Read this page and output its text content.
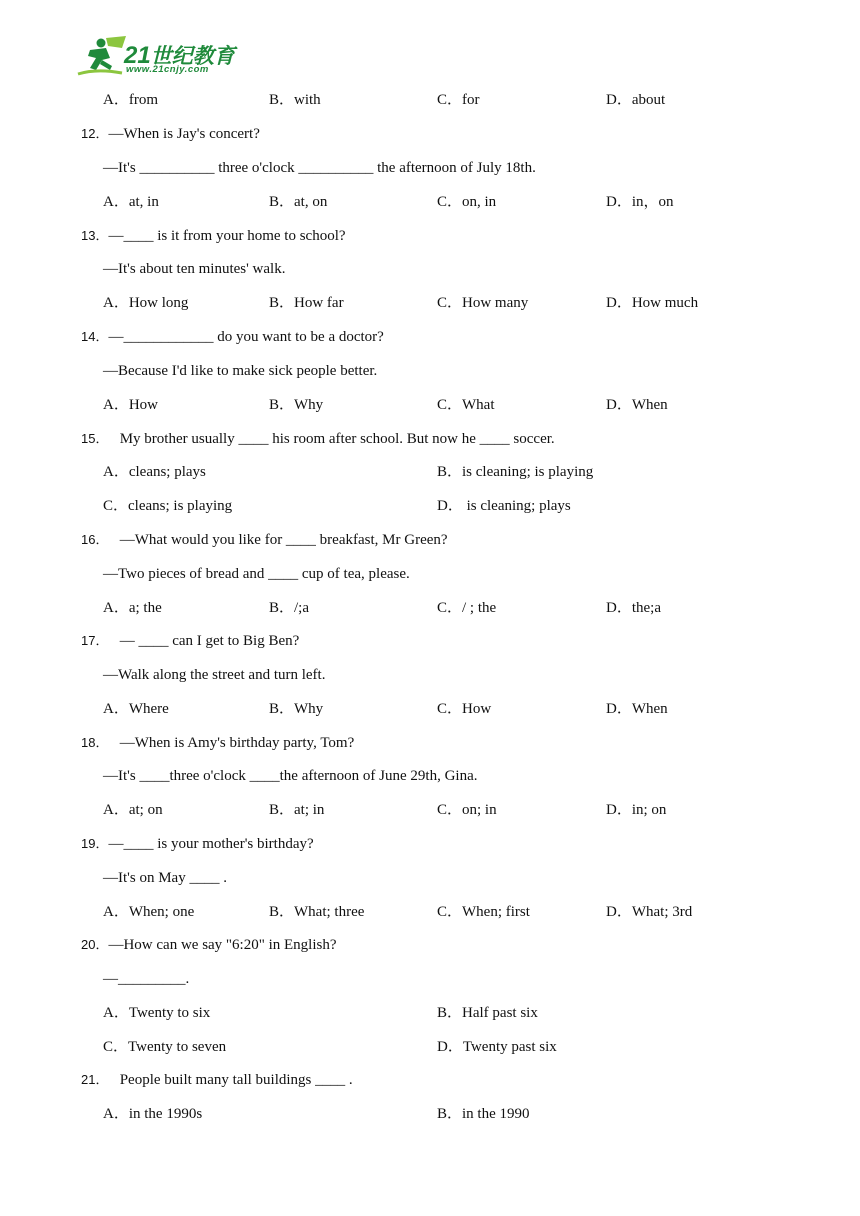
21世纪教育
www.21cnjy.com
A．from	B．with	C．for	D．about
12．—When is Jay's concert?
—It's __________ three o'clock __________ the afternoon of July 18th.
A．at, in	B．at, on	C．on, in	D．in，on
13．—____ is it from your home to school?
—It's about ten minutes' walk.
A．How long	B．How far	C．How many	D．How much
14．—____________ do you want to be a doctor?
—Because I'd like to make sick people better.
A．How	B．Why	C．What	D．When
15． My brother usually ____ his room after school. But now he ____ soccer.
A．cleans; plays	B．is cleaning; is playing
C．cleans; is playing	D． is cleaning; plays
16． —What would you like for ____ breakfast, Mr Green?
—Two pieces of bread and ____ cup of tea, please.
A．a; the	B．/;a	C．/ ; the	D．the;a
17． — ____ can I get to Big Ben?
—Walk along the street and turn left.
A．Where	B．Why	C．How	D．When
18． —When is Amy's birthday party, Tom?
—It's ____three o'clock ____the afternoon of June 29th, Gina.
A．at; on	B．at; in	C．on; in	D．in; on
19．—____ is your mother's birthday?
—It's on May ____ .
A．When; one	B．What; three	C．When; first	D．What; 3rd
20．—How can we say "6:20" in English?
—_________.
A．Twenty to six	B．Half past six
C．Twenty to seven	D．Twenty past six
21． People built many tall buildings ____ .
A．in the 1990s	B．in the 1990
